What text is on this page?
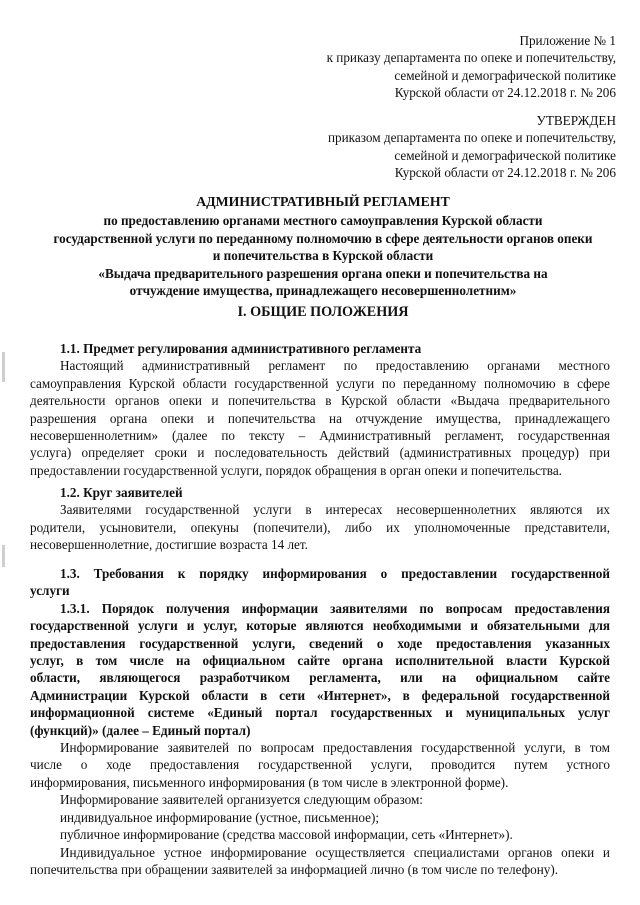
Приложение № 1
к приказу департамента по опеке и попечительству,
семейной и демографической политике
Курской области от 24.12.2018 г. № 206
УТВЕРЖДЕН
приказом департамента по опеке и попечительству,
семейной и демографической политике
Курской области от 24.12.2018 г. № 206
АДМИНИСТРАТИВНЫЙ РЕГЛАМЕНТ
по предоставлению органами местного самоуправления Курской области
государственной услуги по переданному полномочию в сфере деятельности органов опеки
и попечительства в Курской области
«Выдача предварительного разрешения органа опеки и попечительства на
отчуждение имущества, принадлежащего несовершеннолетним»
I. ОБЩИЕ ПОЛОЖЕНИЯ
1.1. Предмет регулирования административного регламента
Настоящий административный регламент по предоставлению органами местного
самоуправления Курской области государственной услуги по переданному полномочию в сфере
деятельности органов опеки и попечительства в Курской области «Выдача предварительного
разрешения органа опеки и попечительства на отчуждение имущества, принадлежащего
несовершеннолетним» (далее по тексту – Административный регламент, государственная
услуга) определяет сроки и последовательность действий (административных процедур) при
предоставлении государственной услуги, порядок обращения в орган опеки и попечительства.
1.2. Круг заявителей
Заявителями государственной услуги в интересах несовершеннолетних являются их
родители, усыновители, опекуны (попечители), либо их уполномоченные представители,
несовершеннолетние, достигшие возраста 14 лет.
1.3. Требования к порядку информирования о предоставлении государственной
услуги
1.3.1. Порядок получения информации заявителями по вопросам предоставления
государственной услуги и услуг, которые являются необходимыми и обязательными для
предоставления государственной услуги, сведений о ходе предоставления указанных
услуг, в том числе на официальном сайте органа исполнительной власти Курской
области, являющегося разработчиком регламента, или на официальном сайте
Администрации Курской области в сети «Интернет», в федеральной государственной
информационной системе «Единый портал государственных и муниципальных услуг
(функций)» (далее – Единый портал)
Информирование заявителей по вопросам предоставления государственной услуги, в том
числе о ходе предоставления государственной услуги, проводится путем устного
информирования, письменного информирования (в том числе в электронной форме).
Информирование заявителей организуется следующим образом:
индивидуальное информирование (устное, письменное);
публичное информирование (средства массовой информации, сеть «Интернет»).
Индивидуальное устное информирование осуществляется специалистами органов опеки и
попечительства при обращении заявителей за информацией лично (в том числе по телефону).
